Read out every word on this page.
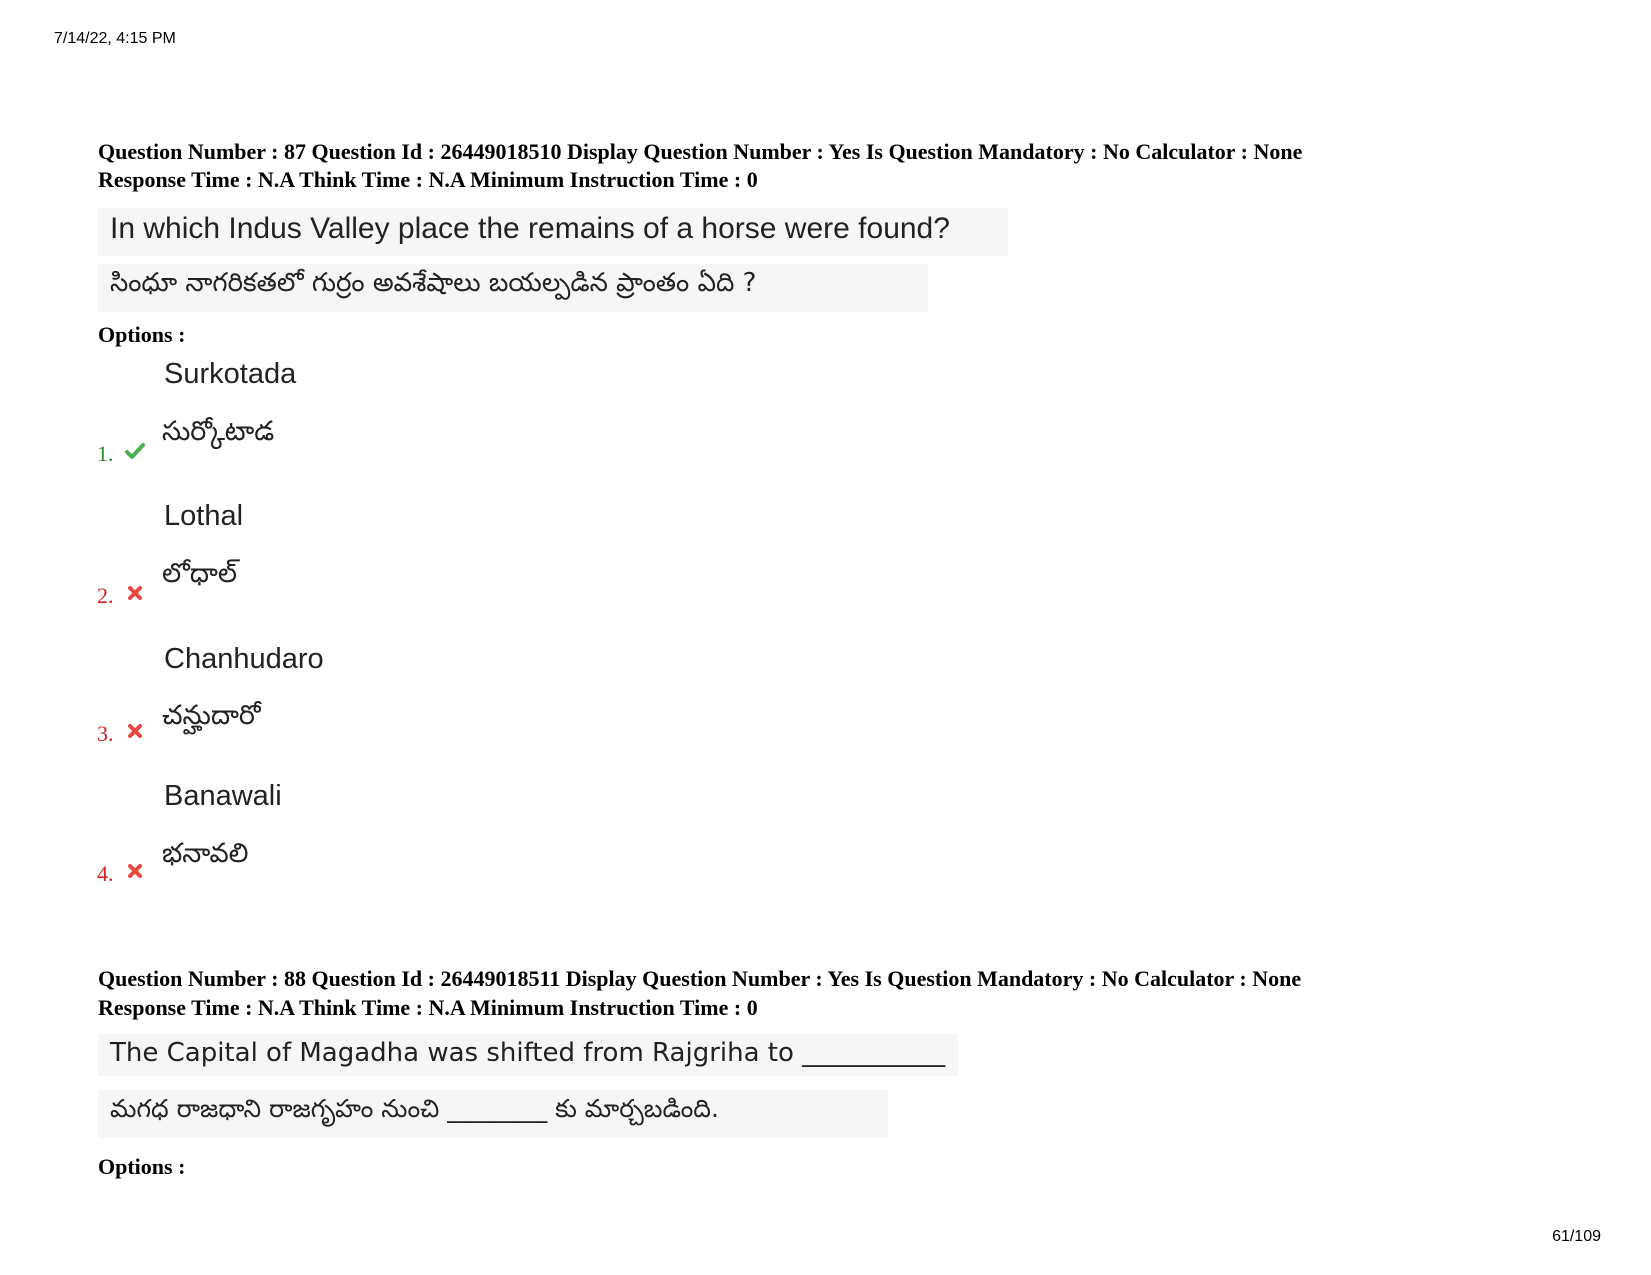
7/14/22, 4:15 PM
Question Number : 87 Question Id : 26449018510 Display Question Number : Yes Is Question Mandatory : No Calculator : None
Response Time : N.A Think Time : N.A Minimum Instruction Time : 0
In which Indus Valley place the remains of a horse were found?
సింధూ నాగరికతలో గుర్రం అవశేషాలు బయల్పడిన ప్రాంతం ఏది ?
Options :
Surkotada
సుర్కోటాడ
1.
Lothal
లోధాల్
2.
Chanhudaro
చన్హుదారో
3.
Banawali
భనావలి
4.
Question Number : 88 Question Id : 26449018511 Display Question Number : Yes Is Question Mandatory : No Calculator : None
Response Time : N.A Think Time : N.A Minimum Instruction Time : 0
The Capital of Magadha was shifted from Rajgriha to ___________
మగధ రాజధాని రాజగృహం నుంచి ________ కు మార్చబడింది.
Options :
61/109
